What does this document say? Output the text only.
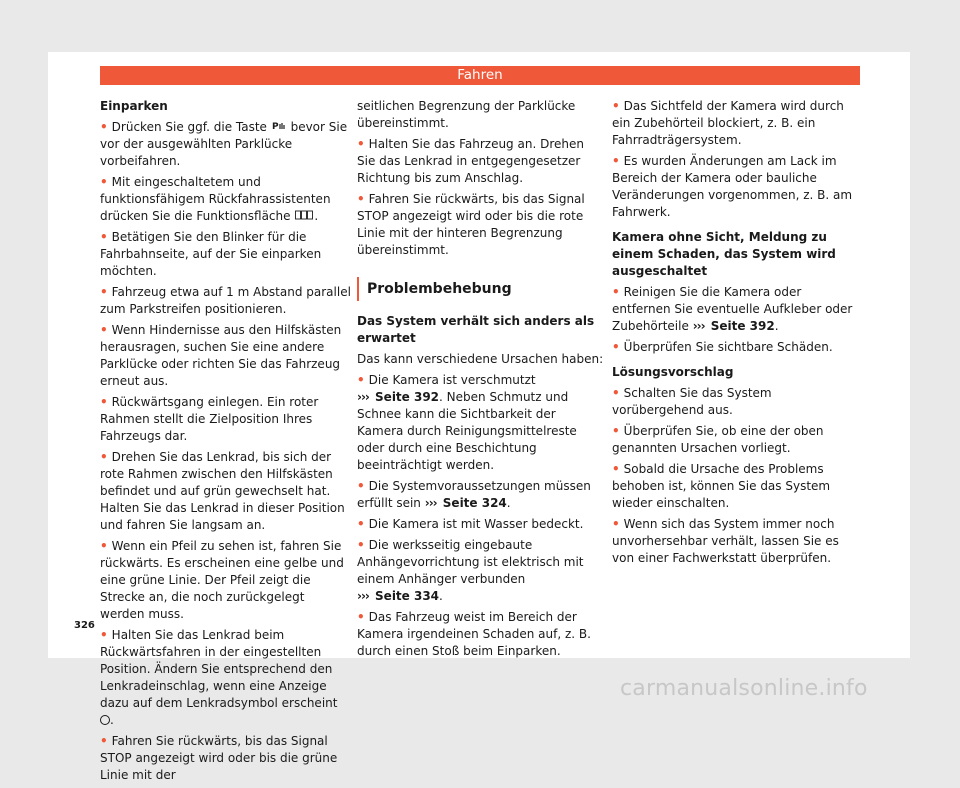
Fahren
Einparken

• Drücken Sie ggf. die Taste P bevor Sie vor der ausgewählten Parklücke vorbeifahren.

• Mit eingeschaltetem und funktionsfähigem Rückfahrassistenten drücken Sie die Funktionsfläche .

• Betätigen Sie den Blinker für die Fahrbahnseite, auf der Sie einparken möchten.

• Fahrzeug etwa auf 1 m Abstand parallel zum Parkstreifen positionieren.

• Wenn Hindernisse aus den Hilfskästen herausragen, suchen Sie eine andere Parklücke oder richten Sie das Fahrzeug erneut aus.

• Rückwärtsgang einlegen. Ein roter Rahmen stellt die Zielposition Ihres Fahrzeugs dar.

• Drehen Sie das Lenkrad, bis sich der rote Rahmen zwischen den Hilfskästen befindet und auf grün gewechselt hat. Halten Sie das Lenkrad in dieser Position und fahren Sie langsam an.

• Wenn ein Pfeil zu sehen ist, fahren Sie rückwärts. Es erscheinen eine gelbe und eine grüne Linie. Der Pfeil zeigt die Strecke an, die noch zurückgelegt werden muss.

• Halten Sie das Lenkrad beim Rückwärtsfahren in der eingestellten Position. Ändern Sie entsprechend den Lenkradeinschlag, wenn eine Anzeige dazu auf dem Lenkradsymbol erscheint .

• Fahren Sie rückwärts, bis das Signal STOP angezeigt wird oder bis die grüne Linie mit der

seitlichen Begrenzung der Parklücke übereinstimmt.

• Halten Sie das Fahrzeug an. Drehen Sie das Lenkrad in entgegengesetzer Richtung bis zum Anschlag.

• Fahren Sie rückwärts, bis das Signal STOP angezeigt wird oder bis die rote Linie mit der hinteren Begrenzung übereinstimmt.

Problembehebung
Das System verhält sich anders als erwartet

Das kann verschiedene Ursachen haben:

• Die Kamera ist verschmutzt ››› Seite 392. Neben Schmutz und Schnee kann die Sichtbarkeit der Kamera durch Reinigungsmittelreste oder durch eine Beschichtung beeinträchtigt werden.

• Die Systemvoraussetzungen müssen erfüllt sein ››› Seite 324.

• Die Kamera ist mit Wasser bedeckt.

• Die werksseitig eingebaute Anhängevorrichtung ist elektrisch mit einem Anhänger verbunden ››› Seite 334.

• Das Fahrzeug weist im Bereich der Kamera irgendeinen Schaden auf, z. B. durch einen Stoß beim Einparken.

• Das Sichtfeld der Kamera wird durch ein Zubehörteil blockiert, z. B. ein Fahrradträgersystem.

• Es wurden Änderungen am Lack im Bereich der Kamera oder bauliche Veränderungen vorgenommen, z. B. am Fahrwerk.

Kamera ohne Sicht, Meldung zu einem Schaden, das System wird ausgeschaltet

• Reinigen Sie die Kamera oder entfernen Sie eventuelle Aufkleber oder Zubehörteile ››› Seite 392.

• Überprüfen Sie sichtbare Schäden.

Lösungsvorschlag

• Schalten Sie das System vorübergehend aus.

• Überprüfen Sie, ob eine der oben genannten Ursachen vorliegt.

• Sobald die Ursache des Problems behoben ist, können Sie das System wieder einschalten.

• Wenn sich das System immer noch unvorhersehbar verhält, lassen Sie es von einer Fachwerkstatt überprüfen.

326
carmanualsonline.info
